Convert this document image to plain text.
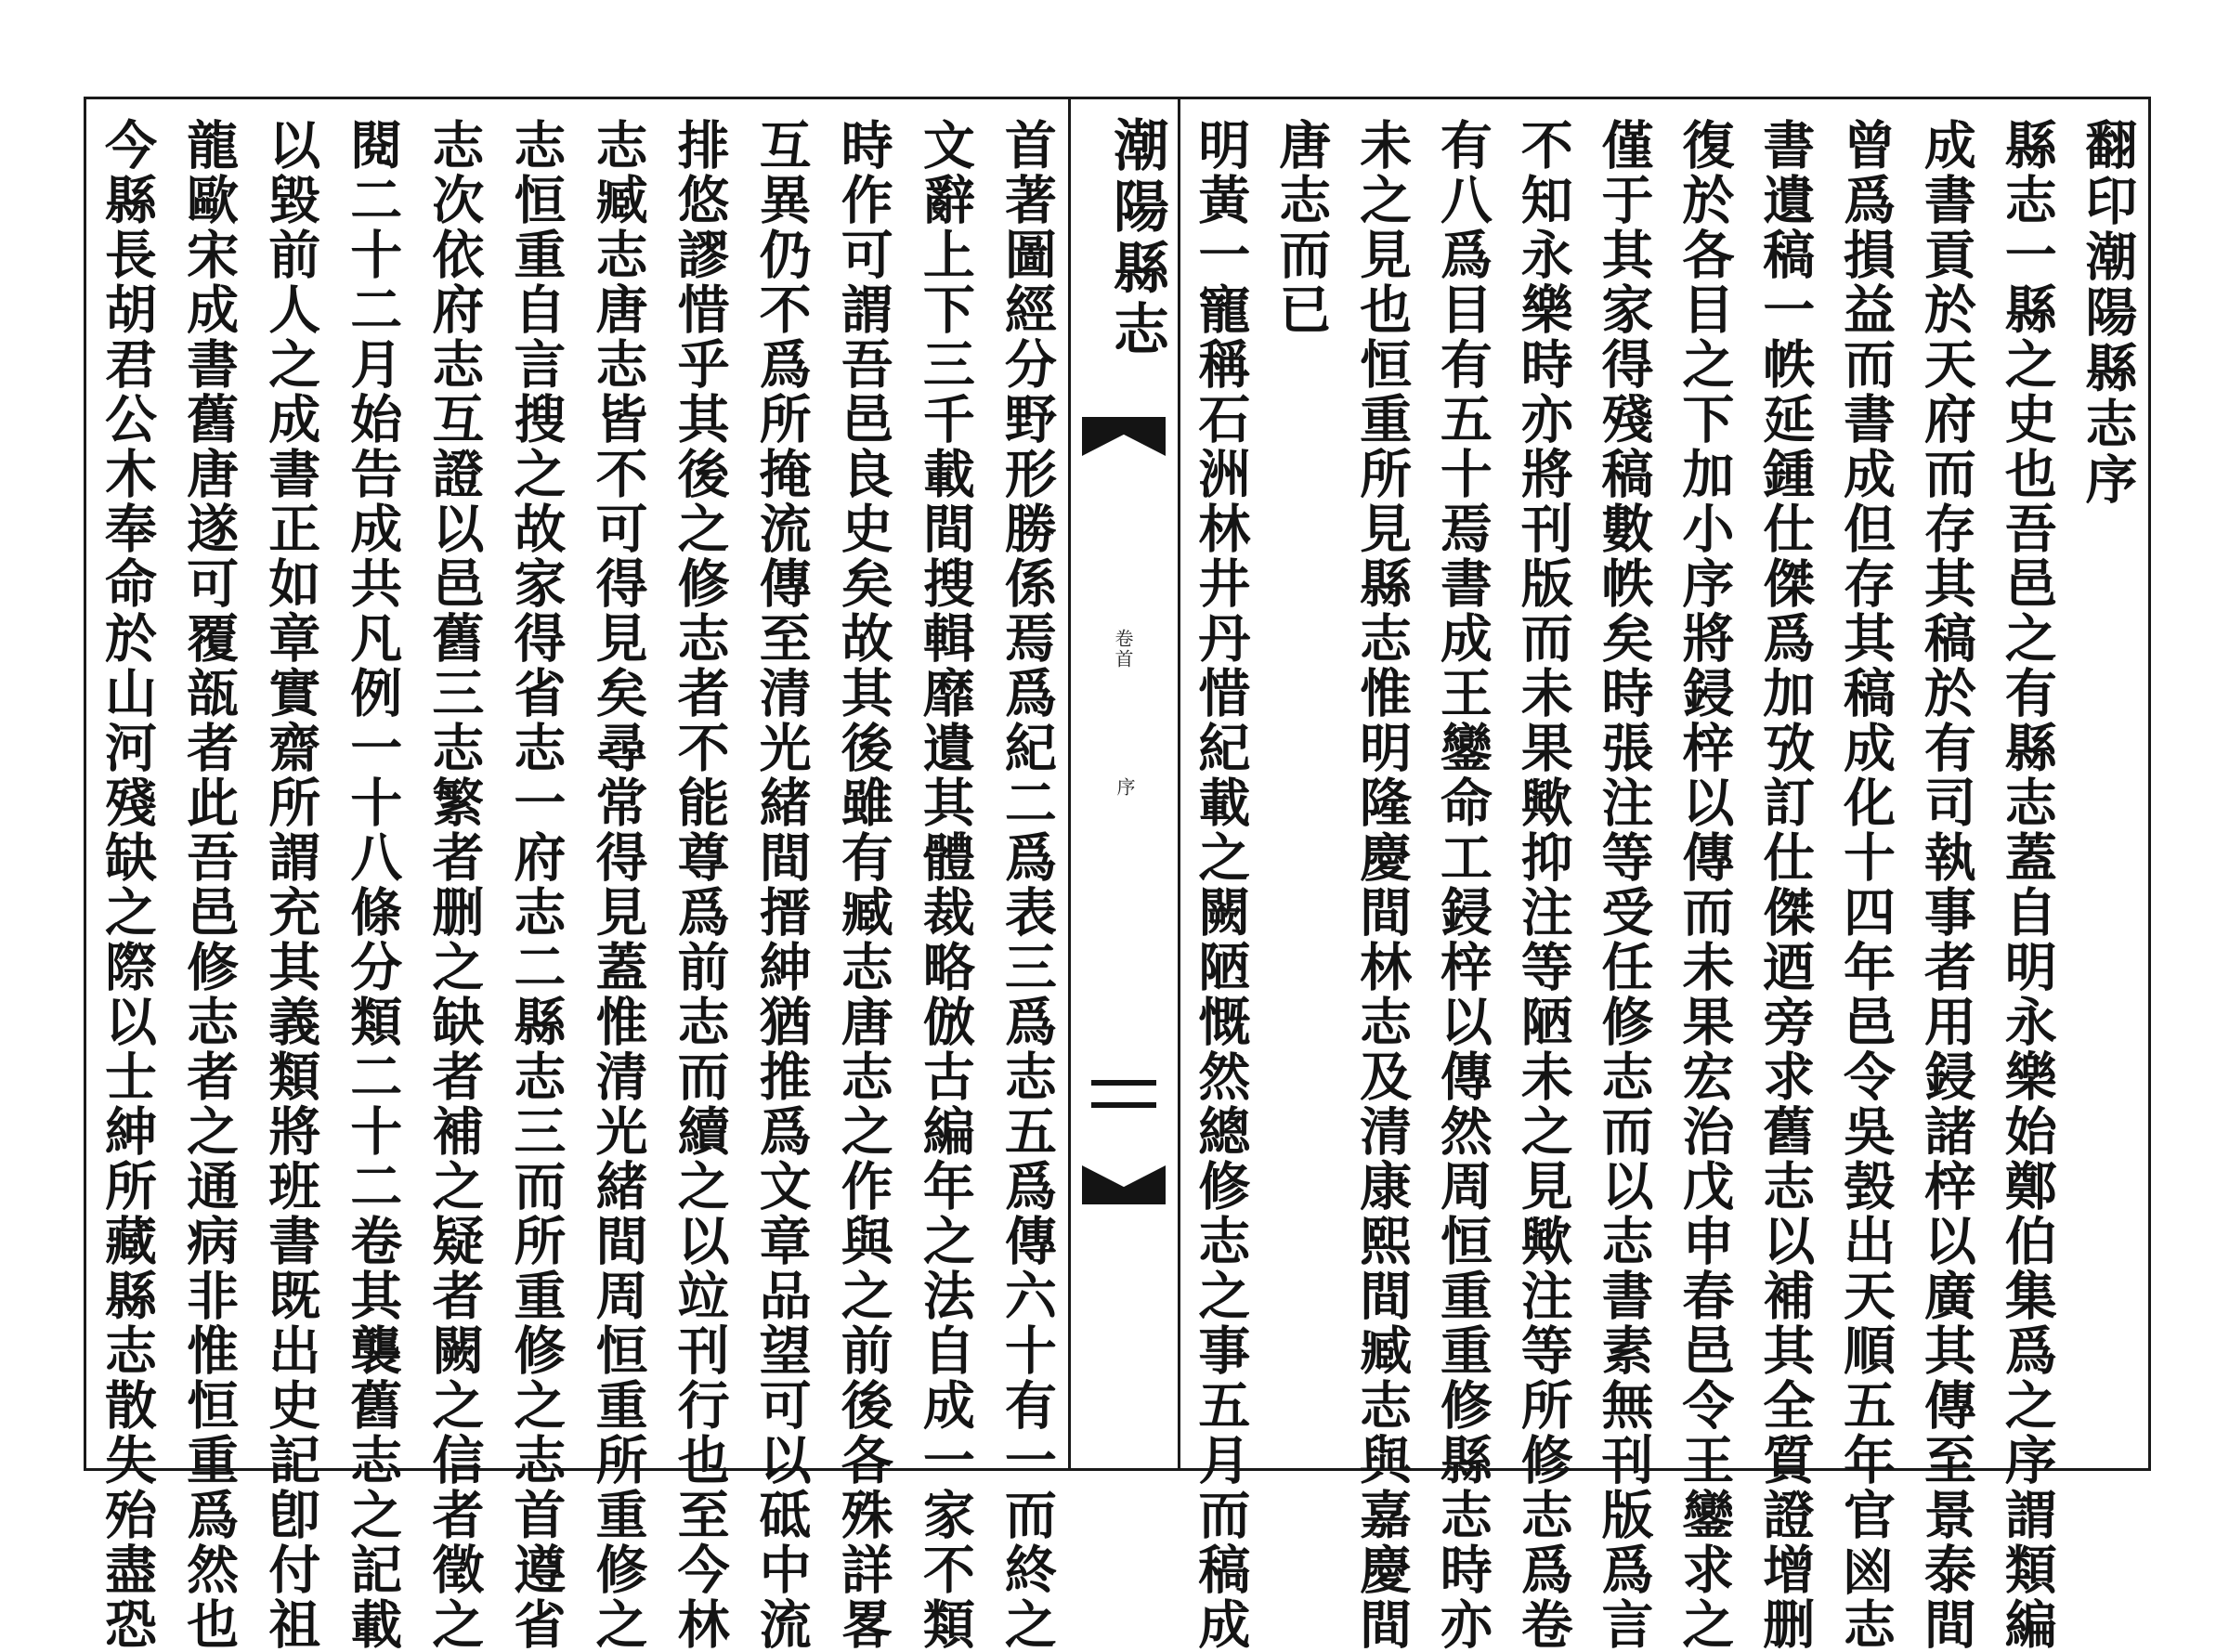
翻印潮陽縣志序

縣志一縣之史也吾邑之有縣志蓋自明永樂始鄭伯集爲之序謂類編

成書貢於天府而存其稿於有司執事者用鋟諸梓以廣其傳至景泰間

曾爲損益而書成但存其稿成化十四年邑令吳㲄出天順五年官𠚍志

書遺稿一帙延鍾仕傑爲加攷訂仕傑迺旁求舊志以補其全質證增删

復於各目之下加小序將鋟梓以傳而未果宏治戊申春邑令王鑾求之

僅于其家得殘稿數帙矣時張注等受任修志而以志書素無刊版爲言

不知永樂時亦將刊版而未果歟抑注等陋未之見歟注等所修志爲卷

有八爲目有五十焉書成王鑾命工鋟梓以傳然周恒重重修縣志時亦

未之見也恒重所見縣志惟明隆慶間林志及清康熙間臧志與嘉慶間

唐志而已

明黃一寵稱石洲林井丹惜紀載之闕陋慨然總修志之事五月而稿成

潮陽縣志
卷首
序

首著圖經分野形勝係焉爲紀二爲表三爲志五爲傳六十有一而終之

文辭上下三千載間搜輯靡遺其體裁略倣古編年之法自成一家不類

時作可謂吾邑良史矣故其後雖有臧志唐志之作與之前後各殊詳畧

互異仍不爲所掩流傳至清光緒間搢紳猶推爲文章品望可以砥中流

排悠謬惜乎其後之修志者不能尊爲前志而續之以竝刊行也至今林

志臧志唐志皆不可得見矣尋常得見蓋惟清光緒間周恒重所重修之

志恒重自言搜之故家得省志一府志二縣志三而所重修之志首遵省

志次依府志互證以邑舊三志繁者删之缺者補之疑者闕之信者徵之

閱二十二月始告成共凡例一十八條分類二十二卷其襲舊志之記載

以毀前人之成書正如章實齋所謂充其義類將班書既出史記卽付祖

龍歐宋成書舊唐遂可覆瓿者此吾邑修志者之通病非惟恒重爲然也

今縣長胡君公木奉命於山河殘缺之際以士紳所藏縣志散失殆盡恐
